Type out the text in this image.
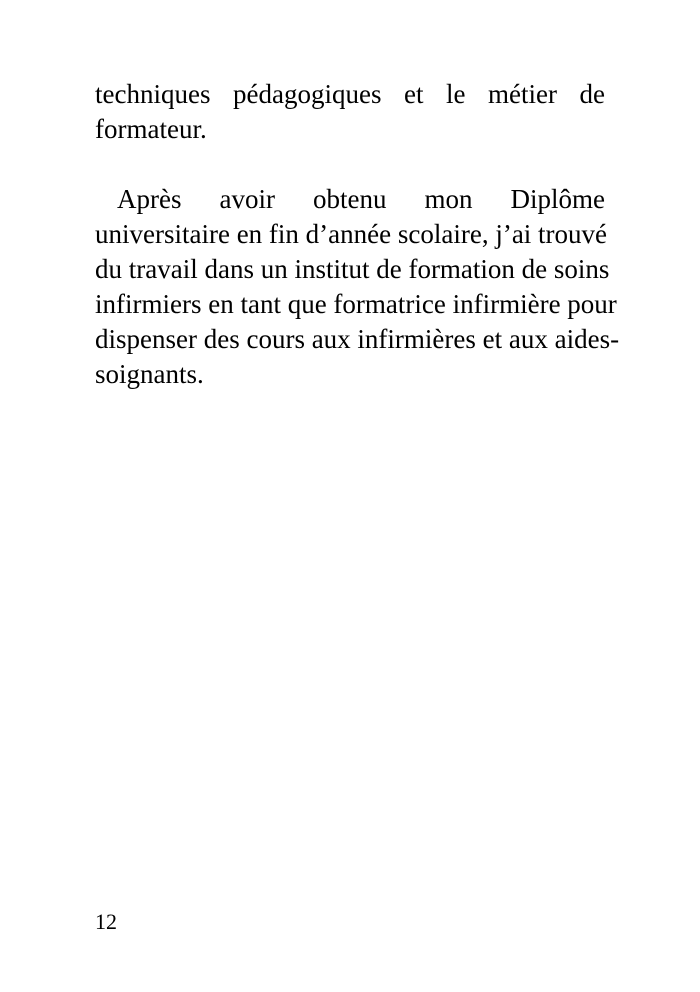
techniques pédagogiques et le métier de
formateur.
Après avoir obtenu mon Diplôme
universitaire en fin d’année scolaire, j’ai trouvé
du travail dans un institut de formation de soins
infirmiers en tant que formatrice infirmière pour
dispenser des cours aux infirmières et aux aides-
soignants.
12
